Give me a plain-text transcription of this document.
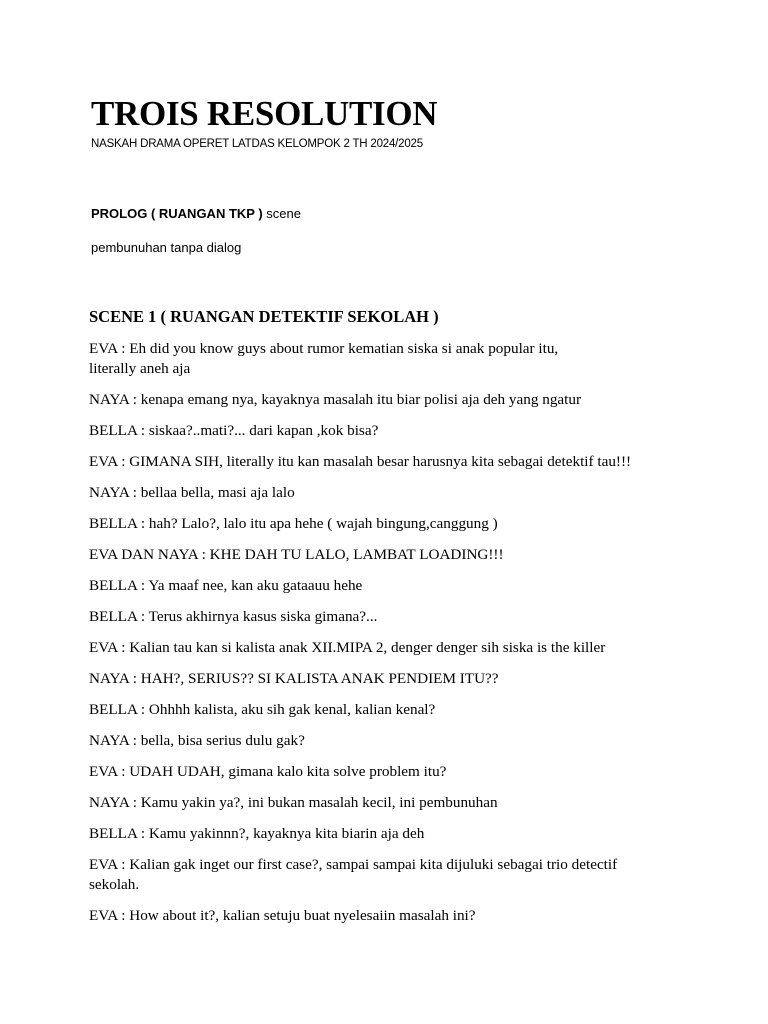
TROIS RESOLUTION
NASKAH DRAMA OPERET LATDAS KELOMPOK 2 TH 2024/2025
PROLOG ( RUANGAN TKP ) scene
pembunuhan tanpa dialog
SCENE 1 ( RUANGAN DETEKTIF SEKOLAH )
EVA : Eh did you know guys about rumor kematian siska si anak popular itu,
literally aneh aja
NAYA : kenapa emang nya, kayaknya masalah itu biar polisi aja deh yang ngatur
BELLA : siskaa?..mati?... dari kapan ,kok bisa?
EVA : GIMANA SIH, literally itu kan masalah besar harusnya kita sebagai detektif tau!!!
NAYA : bellaa bella, masi aja lalo
BELLA : hah? Lalo?, lalo itu apa hehe ( wajah bingung,canggung )
EVA DAN NAYA : KHE DAH TU LALO, LAMBAT LOADING!!!
BELLA : Ya maaf nee, kan aku gataauu hehe
BELLA : Terus akhirnya kasus siska gimana?...
EVA : Kalian tau kan si kalista anak XII.MIPA 2, denger denger sih siska is the killer
NAYA : HAH?, SERIUS?? SI KALISTA ANAK PENDIEM ITU??
BELLA : Ohhhh kalista, aku sih gak kenal, kalian kenal?
NAYA : bella, bisa serius dulu gak?
EVA : UDAH UDAH, gimana kalo kita solve problem itu?
NAYA : Kamu yakin ya?, ini bukan masalah kecil, ini pembunuhan
BELLA : Kamu yakinnn?, kayaknya kita biarin aja deh
EVA : Kalian gak inget our first case?, sampai sampai kita dijuluki sebagai trio detectif
sekolah.
EVA : How about it?, kalian setuju buat nyelesaiin masalah ini?
